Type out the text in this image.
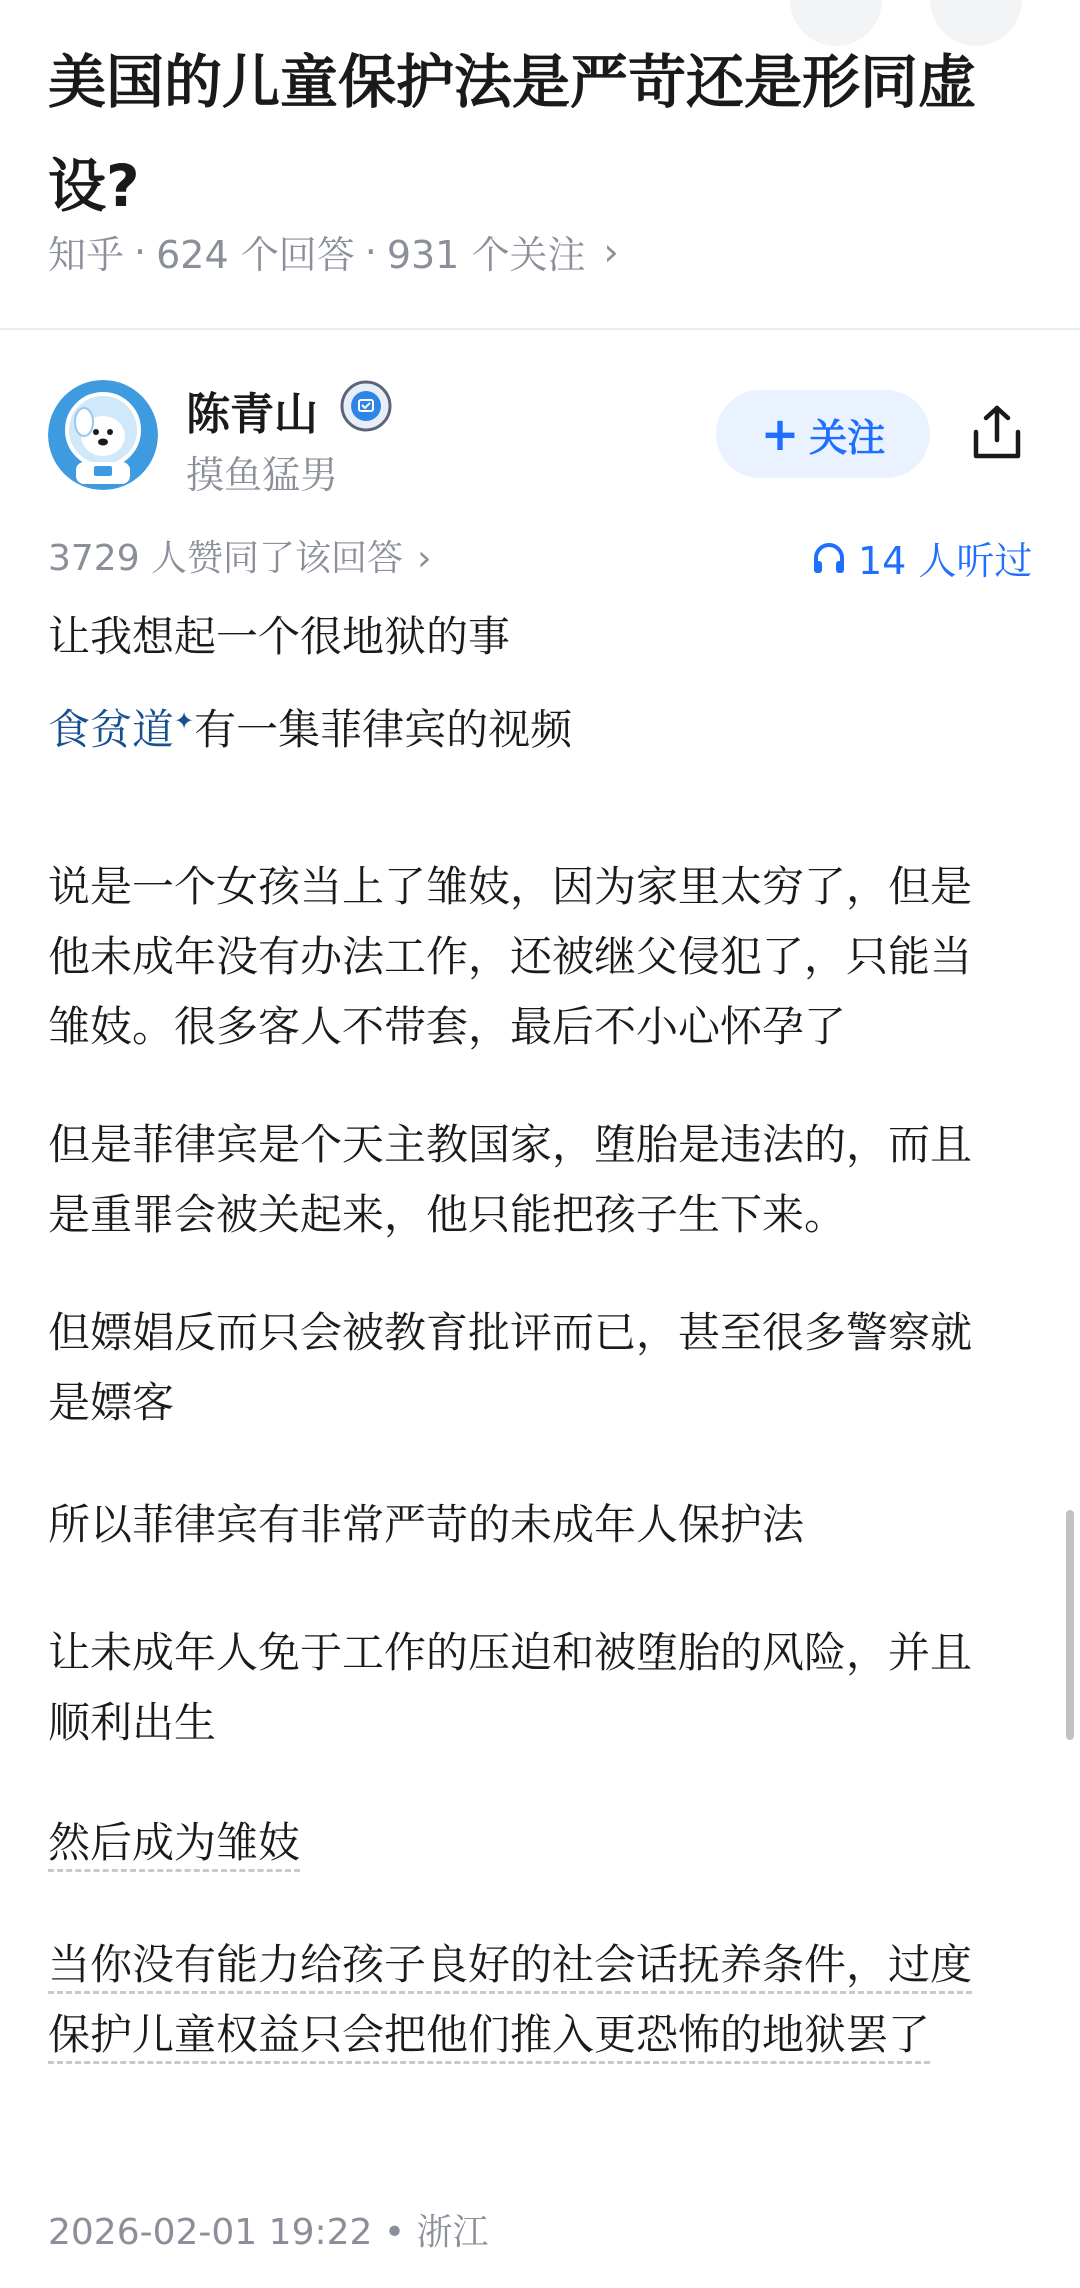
美国的儿童保护法是严苛还是形同虚设?
知乎 · 624 个回答 · 931 个关注 ›
陈青山
摸鱼猛男
+ 关注
3729 人赞同了该回答 ›	14 人听过

让我想起一个很地狱的事

食贫道✦有一集菲律宾的视频

说是一个女孩当上了雏妓，因为家里太穷了，但是他未成年没有办法工作，还被继父侵犯了，只能当雏妓。很多客人不带套，最后不小心怀孕了

但是菲律宾是个天主教国家，堕胎是违法的，而且是重罪会被关起来，他只能把孩子生下来。

但嫖娼反而只会被教育批评而已，甚至很多警察就是嫖客

所以菲律宾有非常严苛的未成年人保护法

让未成年人免于工作的压迫和被堕胎的风险，并且顺利出生

然后成为雏妓

当你没有能力给孩子良好的社会话抚养条件，过度保护儿童权益只会把他们推入更恐怖的地狱罢了

2026-02-01 19:22 • 浙江
